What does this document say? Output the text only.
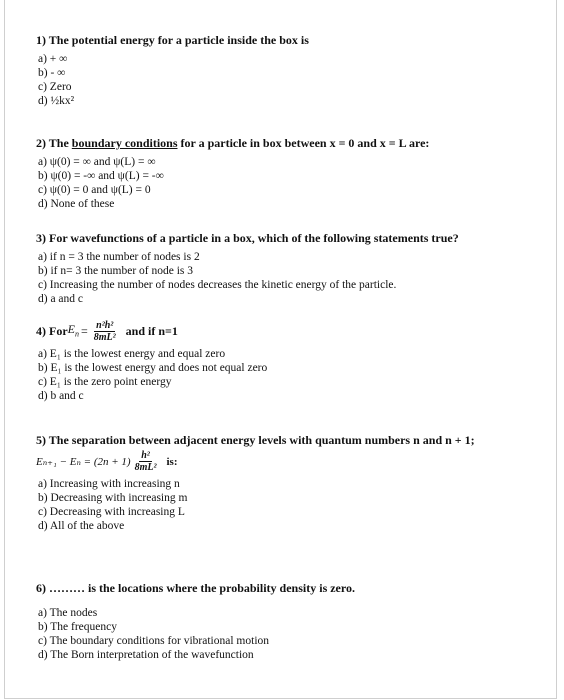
1) The potential energy for a particle inside the box is
a) + ∞
b) - ∞
c) Zero
d) ½kx²
2) The boundary conditions for a particle in box between x = 0 and x = L are:
a) ψ(0) = ∞ and ψ(L) = ∞
b) ψ(0) = -∞ and ψ(L) = -∞
c) ψ(0) = 0 and ψ(L) = 0
d) None of these
3) For wavefunctions of a particle in a box, which of the following statements true?
a) if n = 3 the number of nodes is 2
b) if n= 3 the number of node is 3
c) Increasing the number of nodes decreases the kinetic energy of the particle.
d) a and c
4) For $E_n = \frac{\text{n²h²}}{\text{8mL²}}$ and if n=1
a) E₁ is the lowest energy and equal zero
b) E₁ is the lowest energy and does not equal zero
c) E₁ is the zero point energy
d) b and c
5) The separation between adjacent energy levels with quantum numbers n and n + 1;
$E_{n+1} - E_n = (2n + 1) \frac{\text{h²}}{\text{8mL²}}$ is:
a) Increasing with increasing n
b) Decreasing with increasing m
c) Decreasing with increasing L
d) All of the above
6) ……… is the locations where the probability density is zero.
a) The nodes
b) The frequency
c) The boundary conditions for vibrational motion
d) The Born interpretation of the wavefunction
